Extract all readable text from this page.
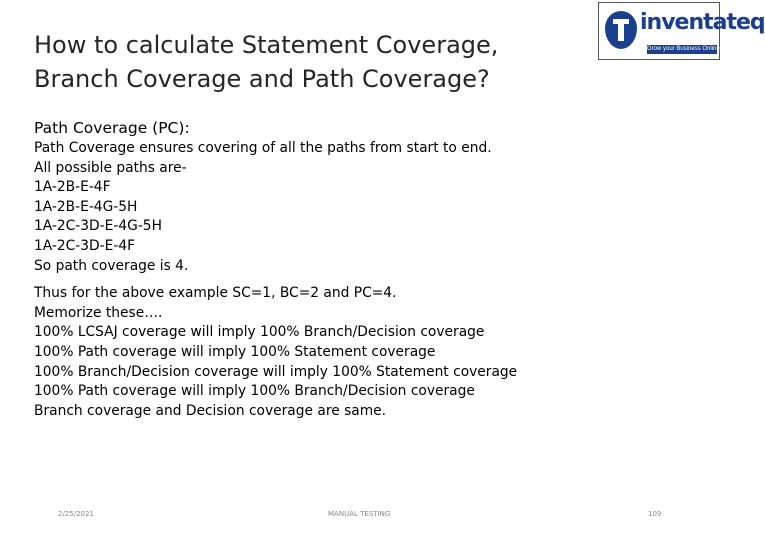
How to calculate Statement Coverage,
Branch Coverage and Path Coverage?
inventateq
Grow your Business Online
Path Coverage (PC):
Path Coverage ensures covering of all the paths from start to end.
All possible paths are-
1A-2B-E-4F
1A-2B-E-4G-5H
1A-2C-3D-E-4G-5H
1A-2C-3D-E-4F
So path coverage is 4.
Thus for the above example SC=1, BC=2 and PC=4.
Memorize these….
100% LCSAJ coverage will imply 100% Branch/Decision coverage
100% Path coverage will imply 100% Statement coverage
100% Branch/Decision coverage will imply 100% Statement coverage
100% Path coverage will imply 100% Branch/Decision coverage
Branch coverage and Decision coverage are same.
2/25/2021	MANUAL TESTING	109
